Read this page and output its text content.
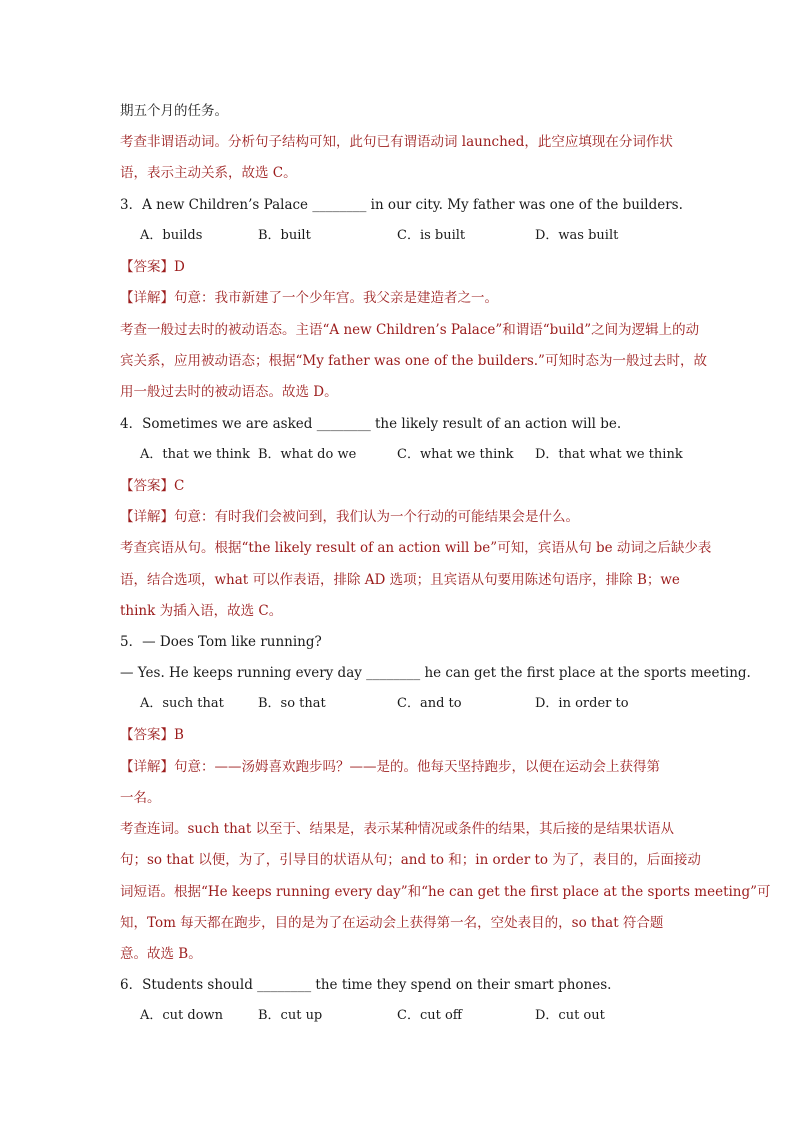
期五个月的任务。
考查非谓语动词。分析句子结构可知，此句已有谓语动词 launched，此空应填现在分词作状
语，表示主动关系，故选 C。
3．A new Children’s Palace ________ in our city. My father was one of the builders.
A．builds	B．built	C．is built	D．was built
【答案】D
【详解】句意：我市新建了一个少年宫。我父亲是建造者之一。
考查一般过去时的被动语态。主语“A new Children’s Palace”和谓语“build”之间为逻辑上的动
宾关系，应用被动语态；根据“My father was one of the builders.”可知时态为一般过去时，故
用一般过去时的被动语态。故选 D。
4．Sometimes we are asked ________ the likely result of an action will be.
A．that we think B．what do we	C．what we think D．that what we think
【答案】C
【详解】句意：有时我们会被问到，我们认为一个行动的可能结果会是什么。
考查宾语从句。根据“the likely result of an action will be”可知，宾语从句 be 动词之后缺少表
语，结合选项，what 可以作表语，排除 AD 选项；且宾语从句要用陈述句语序，排除 B；we
think 为插入语，故选 C。
5．— Does Tom like running?
— Yes. He keeps running every day ________ he can get the first place at the sports meeting.
A．such that	B．so that	C．and to	D．in order to
【答案】B
【详解】句意：——汤姆喜欢跑步吗？——是的。他每天坚持跑步，以便在运动会上获得第
一名。
考查连词。such that 以至于、结果是，表示某种情况或条件的结果，其后接的是结果状语从
句；so that 以便，为了，引导目的状语从句；and to 和；in order to 为了，表目的，后面接动
词短语。根据“He keeps running every day”和“he can get the first place at the sports meeting”可
知，Tom 每天都在跑步，目的是为了在运动会上获得第一名，空处表目的，so that 符合题
意。故选 B。
6．Students should ________ the time they spend on their smart phones.
A．cut down	B．cut up	C．cut off	D．cut out
